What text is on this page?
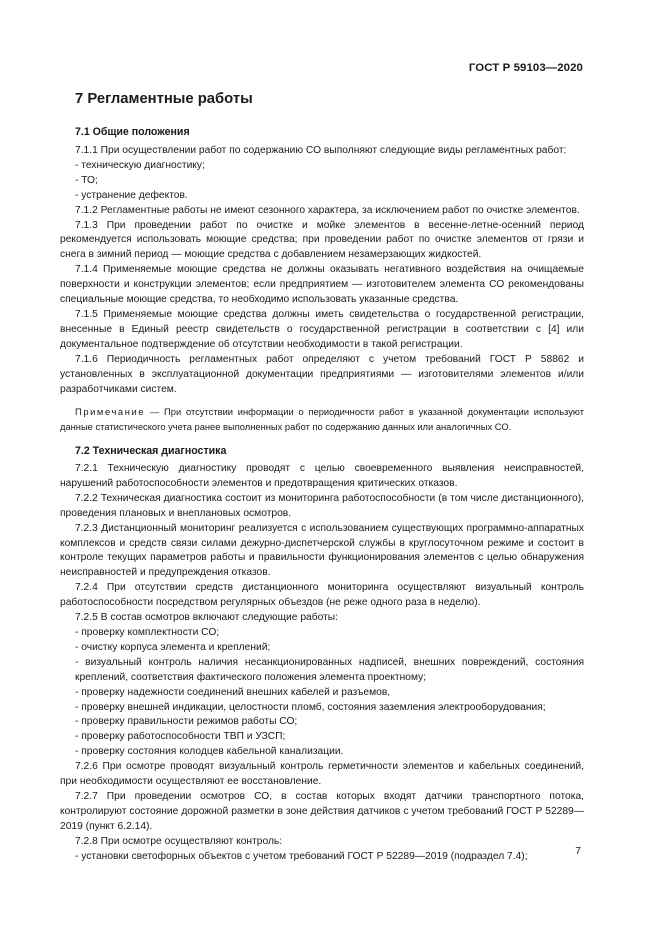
ГОСТ Р 59103—2020
7 Регламентные работы
7.1 Общие положения

7.1.1 При осуществлении работ по содержанию СО выполняют следующие виды регламентных работ:

- техническую диагностику;

- ТО;

- устранение дефектов.

7.1.2 Регламентные работы не имеют сезонного характера, за исключением работ по очистке элементов.

7.1.3 При проведении работ по очистке и мойке элементов в весенне-летне-осенний период рекомендуется использовать моющие средства; при проведении работ по очистке элементов от грязи и снега в зимний период — моющие средства с добавлением незамерзающих жидкостей.

7.1.4 Применяемые моющие средства не должны оказывать негативного воздействия на очищаемые поверхности и конструкции элементов; если предприятием — изготовителем элемента СО рекомендованы специальные моющие средства, то необходимо использовать указанные средства.

7.1.5 Применяемые моющие средства должны иметь свидетельства о государственной регистрации, внесенные в Единый реестр свидетельств о государственной регистрации в соответствии с [4] или документальное подтверждение об отсутствии необходимости в такой регистрации.

7.1.6 Периодичность регламентных работ определяют с учетом требований ГОСТ Р 58862 и установленных в эксплуатационной документации предприятиями — изготовителями элементов и/или разработчиками систем.

Примечание — При отсутствии информации о периодичности работ в указанной документации используют данные статистического учета ранее выполненных работ по содержанию данных или аналогичных СО.

7.2 Техническая диагностика

7.2.1 Техническую диагностику проводят с целью своевременного выявления неисправностей, нарушений работоспособности элементов и предотвращения критических отказов.

7.2.2 Техническая диагностика состоит из мониторинга работоспособности (в том числе дистанционного), проведения плановых и внеплановых осмотров.

7.2.3 Дистанционный мониторинг реализуется с использованием существующих программно-аппаратных комплексов и средств связи силами дежурно-диспетчерской службы в круглосуточном режиме и состоит в контроле текущих параметров работы и правильности функционирования элементов с целью обнаружения неисправностей и предупреждения отказов.

7.2.4 При отсутствии средств дистанционного мониторинга осуществляют визуальный контроль работоспособности посредством регулярных объездов (не реже одного раза в неделю).

7.2.5 В состав осмотров включают следующие работы:

- проверку комплектности СО;

- очистку корпуса элемента и креплений;

- визуальный контроль наличия несанкционированных надписей, внешних повреждений, состояния креплений, соответствия фактического положения элемента проектному;

- проверку надежности соединений внешних кабелей и разъемов,

- проверку внешней индикации, целостности пломб, состояния заземления электрооборудования;

- проверку правильности режимов работы СО;

- проверку работоспособности ТВП и УЗСП;

- проверку состояния колодцев кабельной канализации.

7.2.6 При осмотре проводят визуальный контроль герметичности элементов и кабельных соединений, при необходимости осуществляют ее восстановление.

7.2.7 При проведении осмотров СО, в состав которых входят датчики транспортного потока, контролируют состояние дорожной разметки в зоне действия датчиков с учетом требований ГОСТ Р 52289—2019 (пункт 6.2.14).

7.2.8 При осмотре осуществляют контроль:

- установки светофорных объектов с учетом требований ГОСТ Р 52289—2019 (подраздел 7.4);	7
